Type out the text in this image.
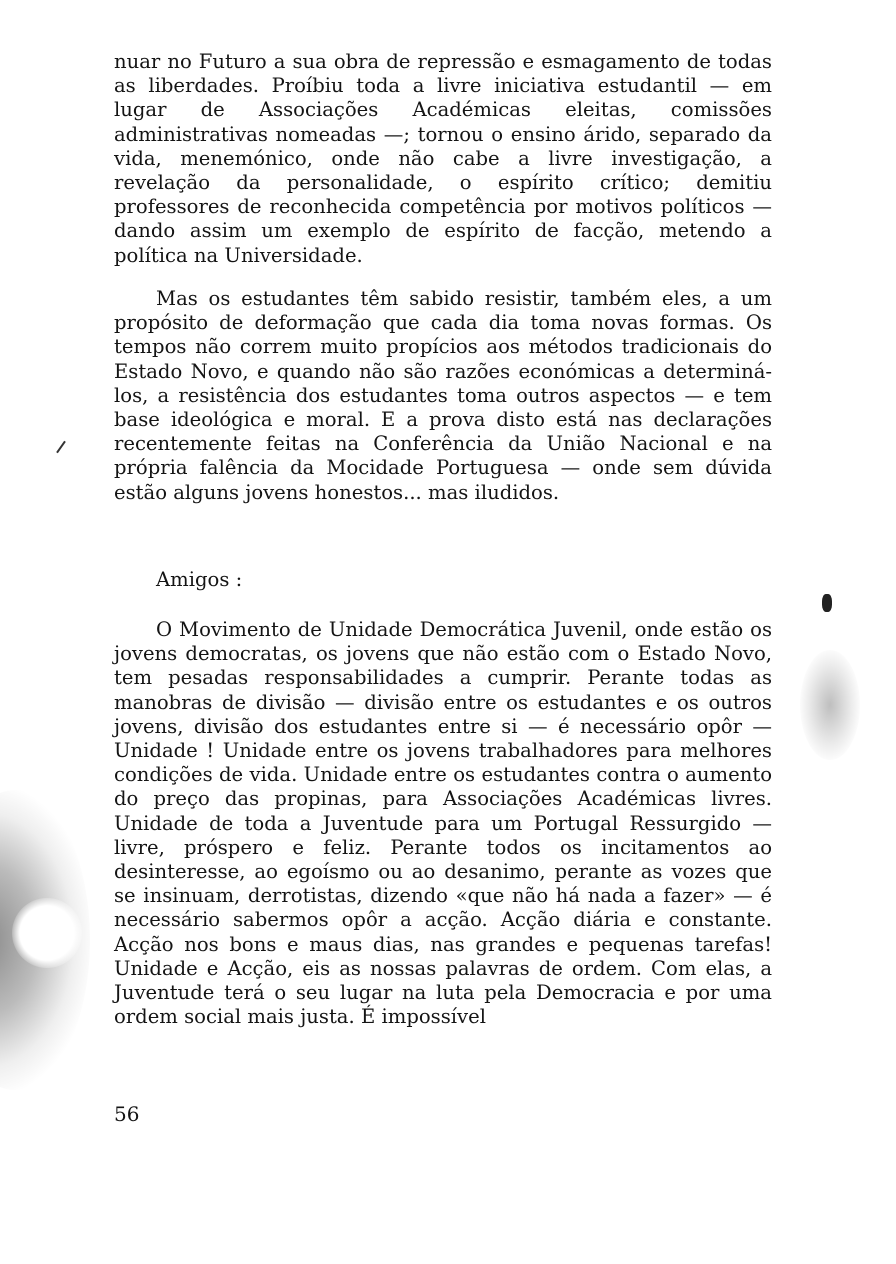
nuar no Futuro a sua obra de repressão e esmagamento de todas as liberdades. Proíbiu toda a livre iniciativa estudantil — em lugar de Associações Académicas eleitas, comissões administrativas nomeadas —; tornou o ensino árido, separado da vida, menemónico, onde não cabe a livre investigação, a revelação da personalidade, o espírito crítico; demitiu professores de reconhecida competência por motivos políticos — dando assim um exemplo de espírito de facção, metendo a política na Universidade.

Mas os estudantes têm sabido resistir, também eles, a um propósito de deformação que cada dia toma novas formas. Os tempos não correm muito propícios aos métodos tradicionais do Estado Novo, e quando não são razões económicas a determiná-los, a resistência dos estudantes toma outros aspectos — e tem base ideológica e moral. E a prova disto está nas declarações recentemente feitas na Conferência da União Nacional e na própria falência da Mocidade Portuguesa — onde sem dúvida estão alguns jovens honestos... mas iludidos.

Amigos :

O Movimento de Unidade Democrática Juvenil, onde estão os jovens democratas, os jovens que não estão com o Estado Novo, tem pesadas responsabilidades a cumprir. Perante todas as manobras de divisão — divisão entre os estudantes e os outros jovens, divisão dos estudantes entre si — é necessário opôr — Unidade ! Unidade entre os jovens trabalhadores para melhores condições de vida. Unidade entre os estudantes contra o aumento do preço das propinas, para Associações Académicas livres. Unidade de toda a Juventude para um Portugal Ressurgido — livre, próspero e feliz. Perante todos os incitamentos ao desinteresse, ao egoísmo ou ao desanimo, perante as vozes que se insinuam, derrotistas, dizendo «que não há nada a fazer» — é necessário sabermos opôr a acção. Acção diária e constante. Acção nos bons e maus dias, nas grandes e pequenas tarefas! Unidade e Acção, eis as nossas palavras de ordem. Com elas, a Juventude terá o seu lugar na luta pela Democracia e por uma ordem social mais justa. É impossível

56
